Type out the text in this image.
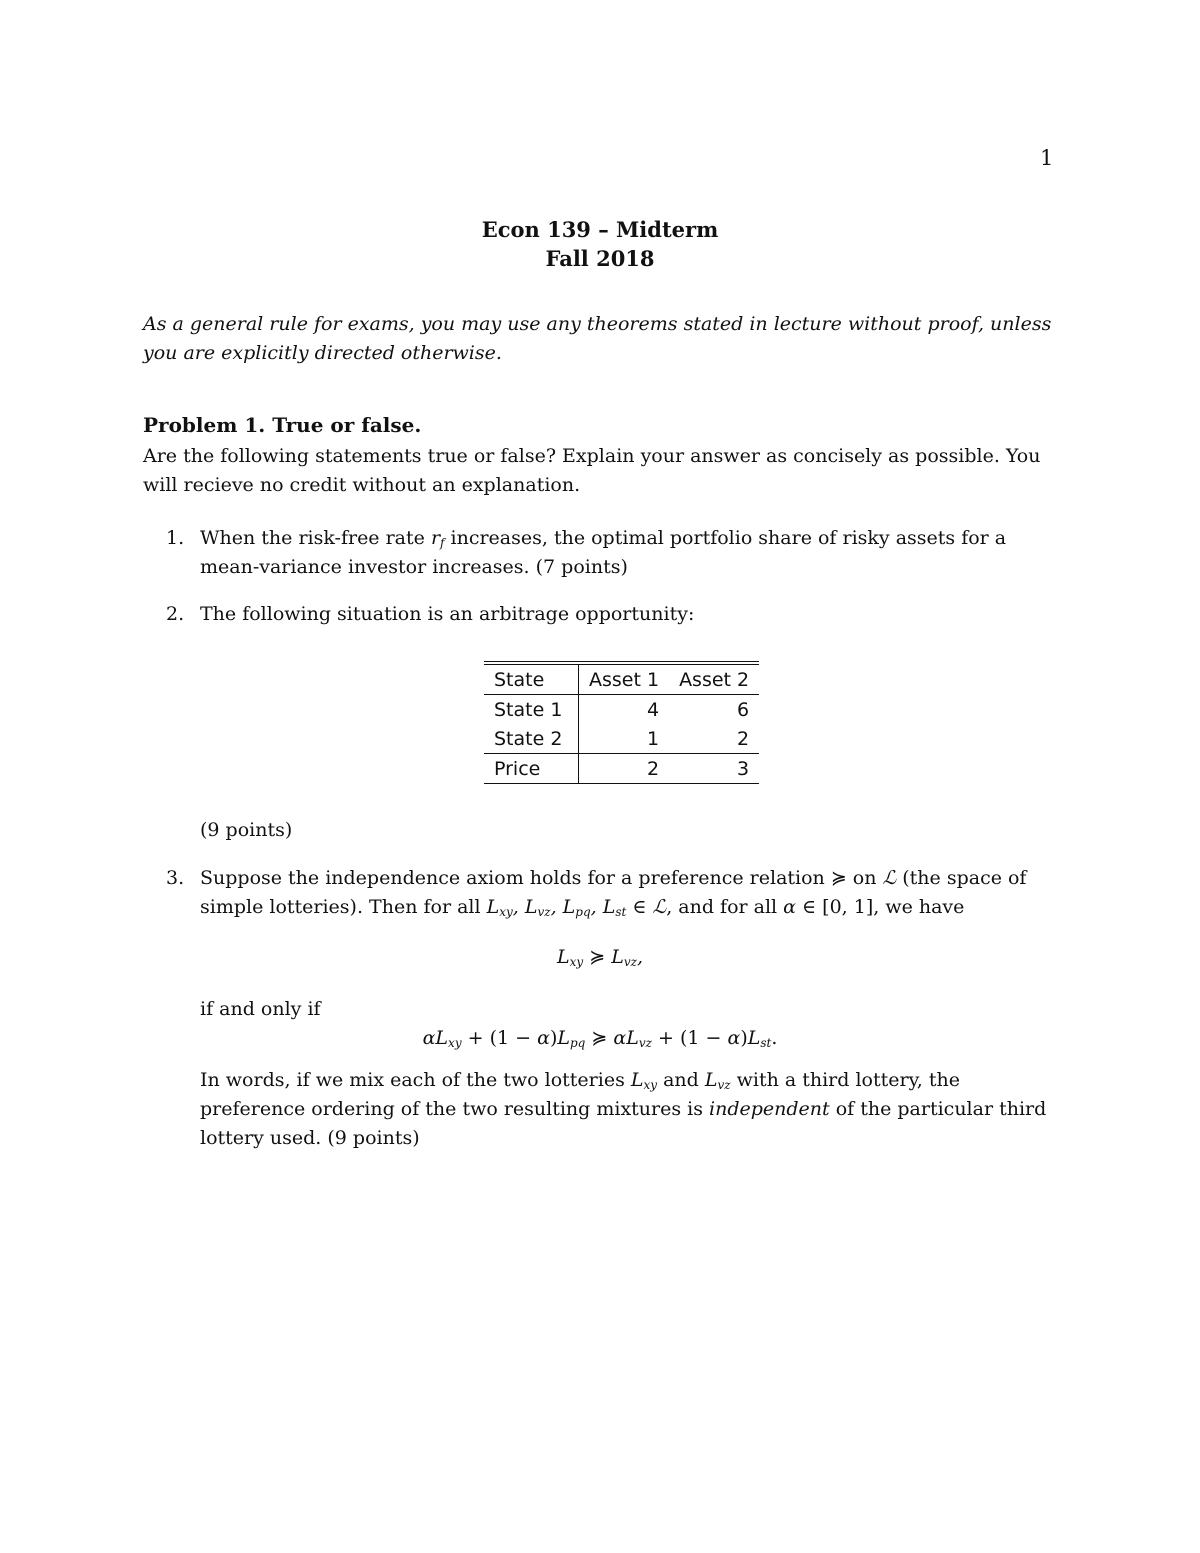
1
Econ 139 – Midterm
Fall 2018
As a general rule for exams, you may use any theorems stated in lecture without proof, unless you are explicitly directed otherwise.
Problem 1. True or false.
Are the following statements true or false? Explain your answer as concisely as possible. You will recieve no credit without an explanation.
1. When the risk-free rate $r_f$ increases, the optimal portfolio share of risky assets for a mean-variance investor increases. (7 points)
2. The following situation is an arbitrage opportunity:
State	Asset 1	Asset 2
State 1	4	6
State 2	1	2
Price	2	3
(9 points)
3. Suppose the independence axiom holds for a preference relation ≽ on ℒ (the space of simple lotteries). Then for all $L_{xy}$, $L_{vz}$, $L_{pq}$, $L_{st}$ ∈ ℒ, and for all α ∈ [0, 1], we have
$L_{xy}$ ≽ $L_{vz}$,
if and only if
$\alpha L_{xy} + (1 - \alpha)L_{pq}$ ≽ $\alpha L_{vz} + (1 - \alpha)L_{st}$.
In words, if we mix each of the two lotteries $L_{xy}$ and $L_{vz}$ with a third lottery, the preference ordering of the two resulting mixtures is independent of the particular third lottery used. (9 points)
